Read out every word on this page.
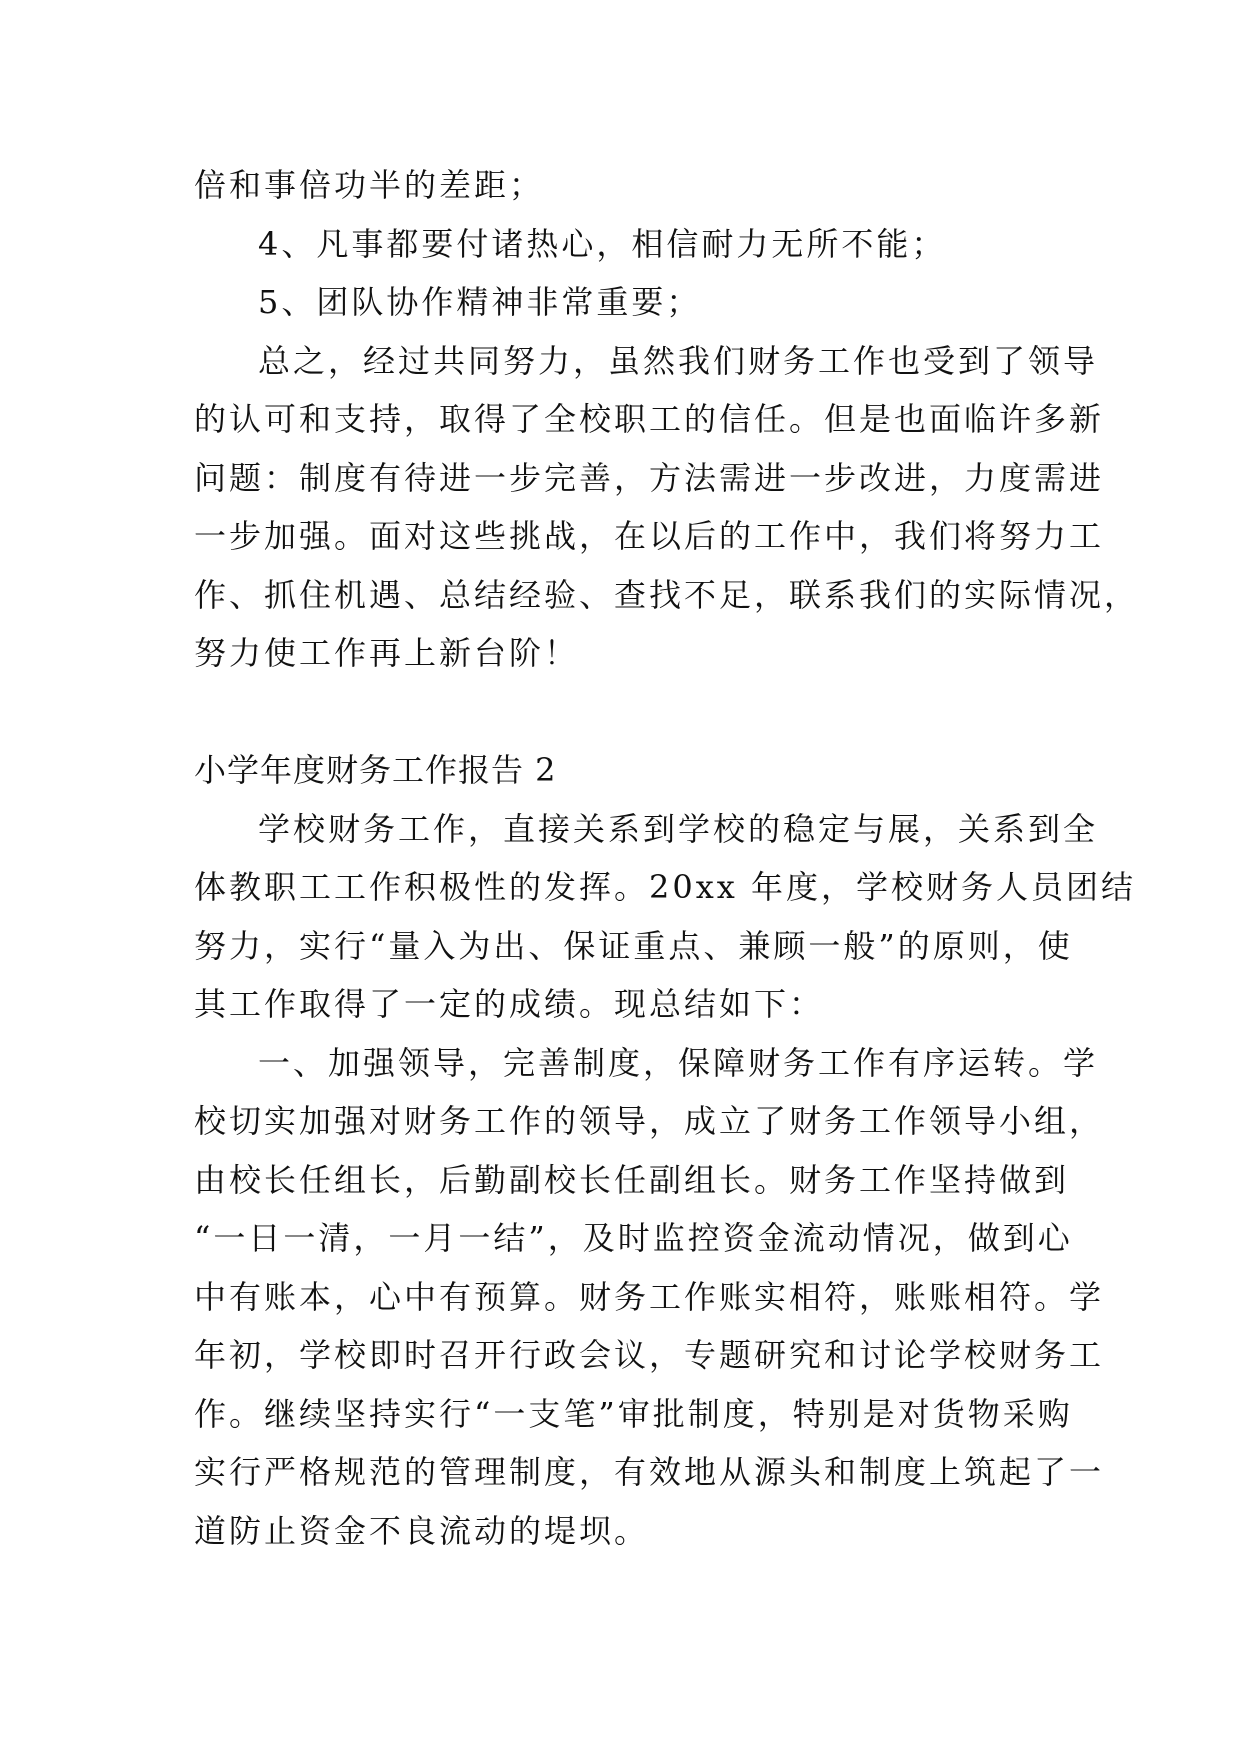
倍和事倍功半的差距；
4、凡事都要付诸热心，相信耐力无所不能；
5、团队协作精神非常重要；
总之，经过共同努力，虽然我们财务工作也受到了领导
的认可和支持，取得了全校职工的信任。但是也面临许多新
问题：制度有待进一步完善，方法需进一步改进，力度需进
一步加强。面对这些挑战，在以后的工作中，我们将努力工
作、抓住机遇、总结经验、查找不足，联系我们的实际情况，
努力使工作再上新台阶！
小学年度财务工作报告 2
学校财务工作，直接关系到学校的稳定与展，关系到全
体教职工工作积极性的发挥。20xx 年度，学校财务人员团结
努力，实行“量入为出、保证重点、兼顾一般”的原则，使
其工作取得了一定的成绩。现总结如下：
一、加强领导，完善制度，保障财务工作有序运转。学
校切实加强对财务工作的领导，成立了财务工作领导小组，
由校长任组长，后勤副校长任副组长。财务工作坚持做到
“一日一清，一月一结”，及时监控资金流动情况，做到心
中有账本，心中有预算。财务工作账实相符，账账相符。学
年初，学校即时召开行政会议，专题研究和讨论学校财务工
作。继续坚持实行“一支笔”审批制度，特别是对货物采购
实行严格规范的管理制度，有效地从源头和制度上筑起了一
道防止资金不良流动的堤坝。
